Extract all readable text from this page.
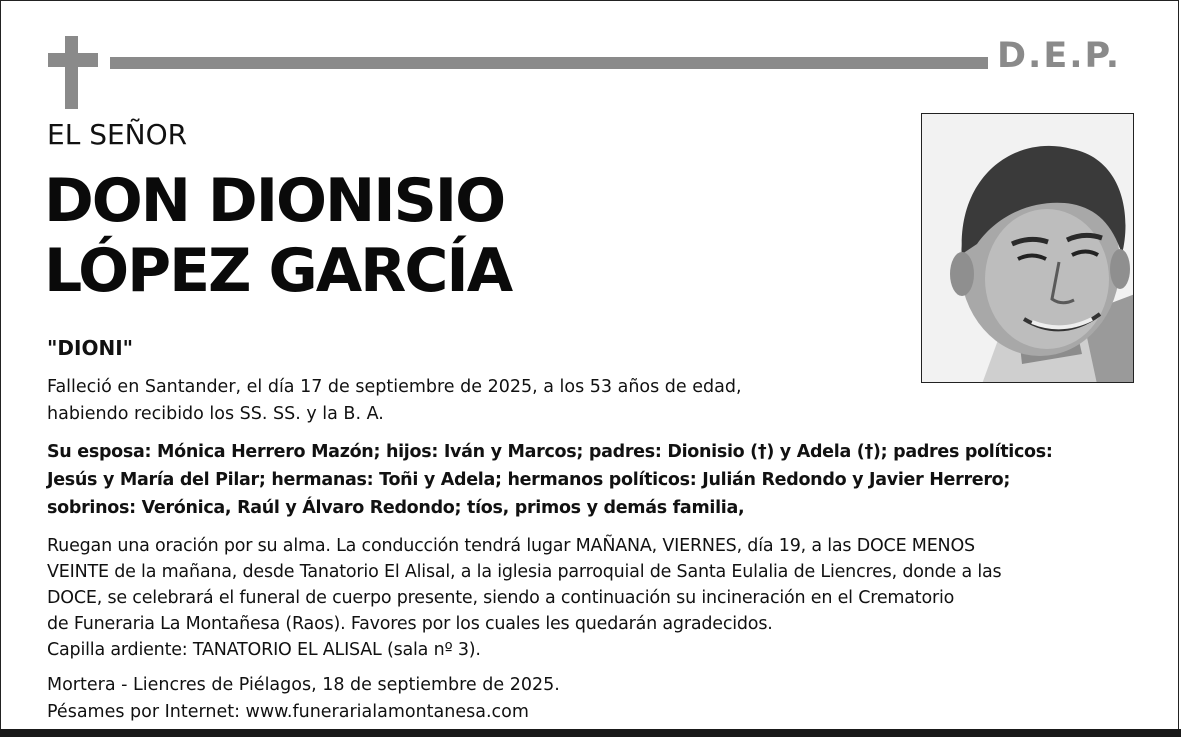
D.E.P.
EL SEÑOR
DON DIONISIO
LÓPEZ GARCÍA
"DIONI"
Falleció en Santander, el día 17 de septiembre de 2025, a los 53 años de edad,
habiendo recibido los SS. SS. y la B. A.
Su esposa: Mónica Herrero Mazón; hijos: Iván y Marcos; padres: Dionisio (†) y Adela (†); padres políticos:
Jesús y María del Pilar; hermanas: Toñi y Adela; hermanos políticos: Julián Redondo y Javier Herrero;
sobrinos: Verónica, Raúl y Álvaro Redondo; tíos, primos y demás familia,
Ruegan una oración por su alma. La conducción tendrá lugar MAÑANA, VIERNES, día 19, a las DOCE MENOS
VEINTE de la mañana, desde Tanatorio El Alisal, a la iglesia parroquial de Santa Eulalia de Liencres, donde a las
DOCE, se celebrará el funeral de cuerpo presente, siendo a continuación su incineración en el Crematorio
de Funeraria La Montañesa (Raos). Favores por los cuales les quedarán agradecidos.
Capilla ardiente: TANATORIO EL ALISAL (sala nº 3).
Mortera - Liencres de Piélagos, 18 de septiembre de 2025.
Pésames por Internet: www.funerarialamontanesa.com
